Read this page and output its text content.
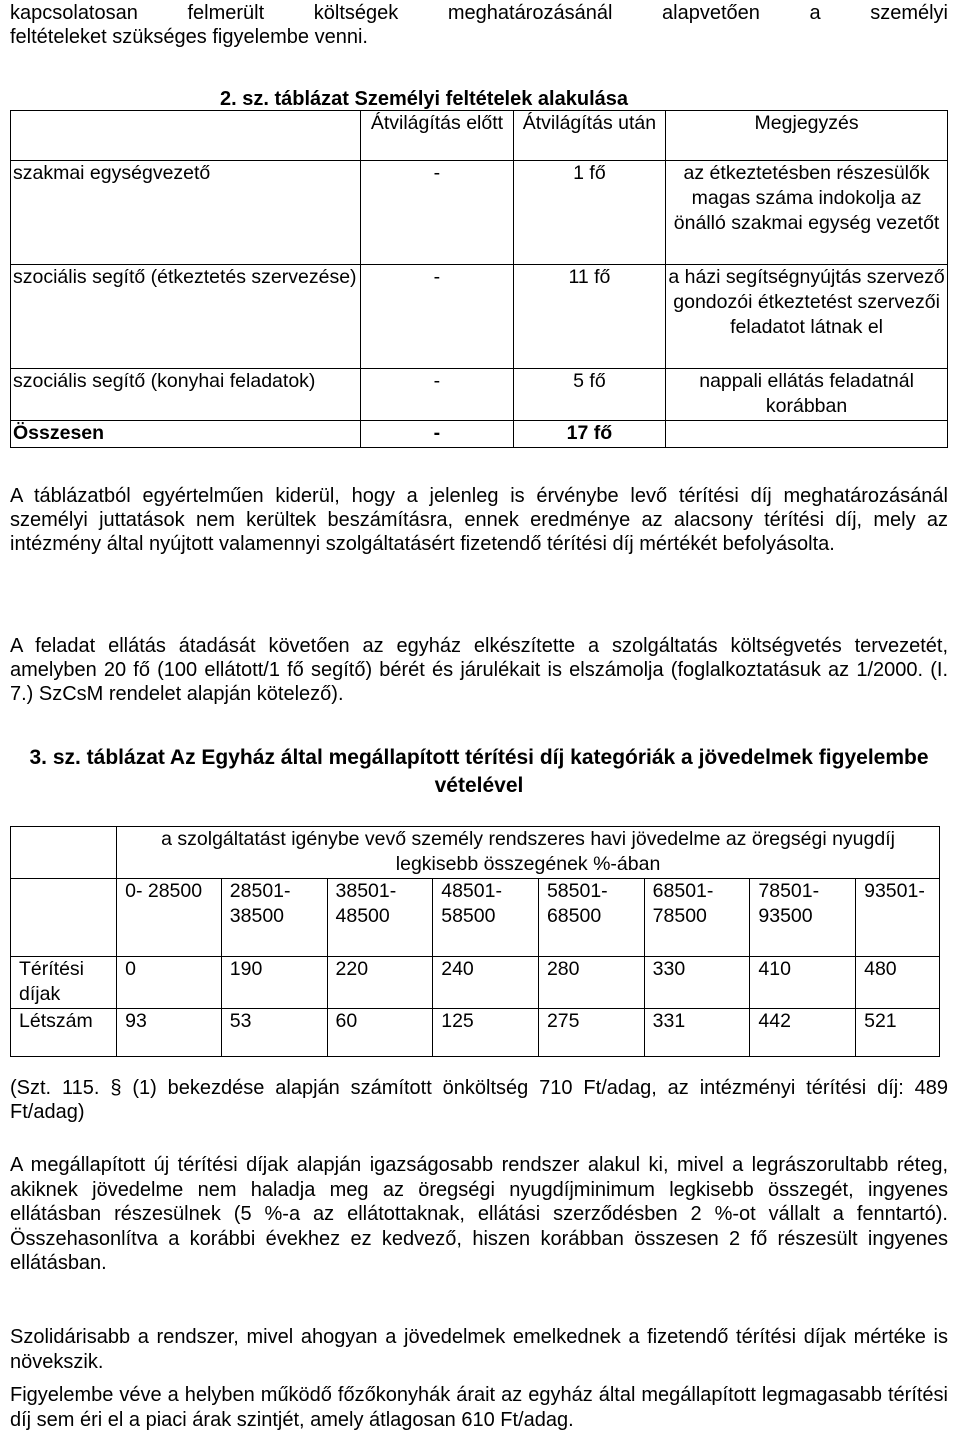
kapcsolatosan felmerült költségek meghatározásánál alapvetően a személyi
feltételeket szükséges figyelembe venni.
2. sz. táblázat Személyi feltételek alakulása
	Átvilágítás előtt	Átvilágítás után	Megjegyzés
szakmai egységvezető	-	1 fő	az étkeztetésben részesülők magas száma indokolja az önálló szakmai egység vezetőt
szociális segítő (étkeztetés szervezése)	-	11 fő	a házi segítségnyújtás szervező gondozói étkeztetést szervezői feladatot látnak el
szociális segítő (konyhai feladatok)	-	5 fő	nappali ellátás feladatnál korábban
Összesen	-	17 fő	
A táblázatból egyértelműen kiderül, hogy a jelenleg is érvénybe levő térítési díj meghatározásánál személyi juttatások nem kerültek beszámításra, ennek eredménye az alacsony térítési díj, mely az intézmény által nyújtott valamennyi szolgáltatásért fizetendő térítési díj mértékét befolyásolta.
A feladat ellátás átadását követően az egyház elkészítette a szolgáltatás költségvetés tervezetét, amelyben 20 fő (100 ellátott/1 fő segítő) bérét és járulékait is elszámolja (foglalkoztatásuk az 1/2000. (I. 7.) SzCsM rendelet alapján kötelező).
3. sz. táblázat Az Egyház által megállapított térítési díj kategóriák a jövedelmek figyelembe vételével
	a szolgáltatást igénybe vevő személy rendszeres havi jövedelme az öregségi nyugdíj legkisebb összegének %-ában							
	0- 28500	28501- 38500	38501- 48500	48501- 58500	58501- 68500	68501- 78500	78501- 93500	93501-
Térítési díjak	0	190	220	240	280	330	410	480
Létszám	93	53	60	125	275	331	442	521
(Szt. 115. § (1) bekezdése alapján számított önköltség 710 Ft/adag, az intézményi térítési díj: 489 Ft/adag)
A megállapított új térítési díjak alapján igazságosabb rendszer alakul ki, mivel a legrászorultabb réteg, akiknek jövedelme nem haladja meg az öregségi nyugdíjminimum legkisebb összegét, ingyenes ellátásban részesülnek (5 %-a az ellátottaknak, ellátási szerződésben 2 %-ot vállalt a fenntartó). Összehasonlítva a korábbi évekhez ez kedvező, hiszen korábban összesen 2 fő részesült ingyenes ellátásban.
Szolidárisabb a rendszer, mivel ahogyan a jövedelmek emelkednek a fizetendő térítési díjak mértéke is növekszik.
Figyelembe véve a helyben működő főzőkonyhák árait az egyház által megállapított legmagasabb térítési díj sem éri el a piaci árak szintjét, amely átlagosan 610 Ft/adag.
